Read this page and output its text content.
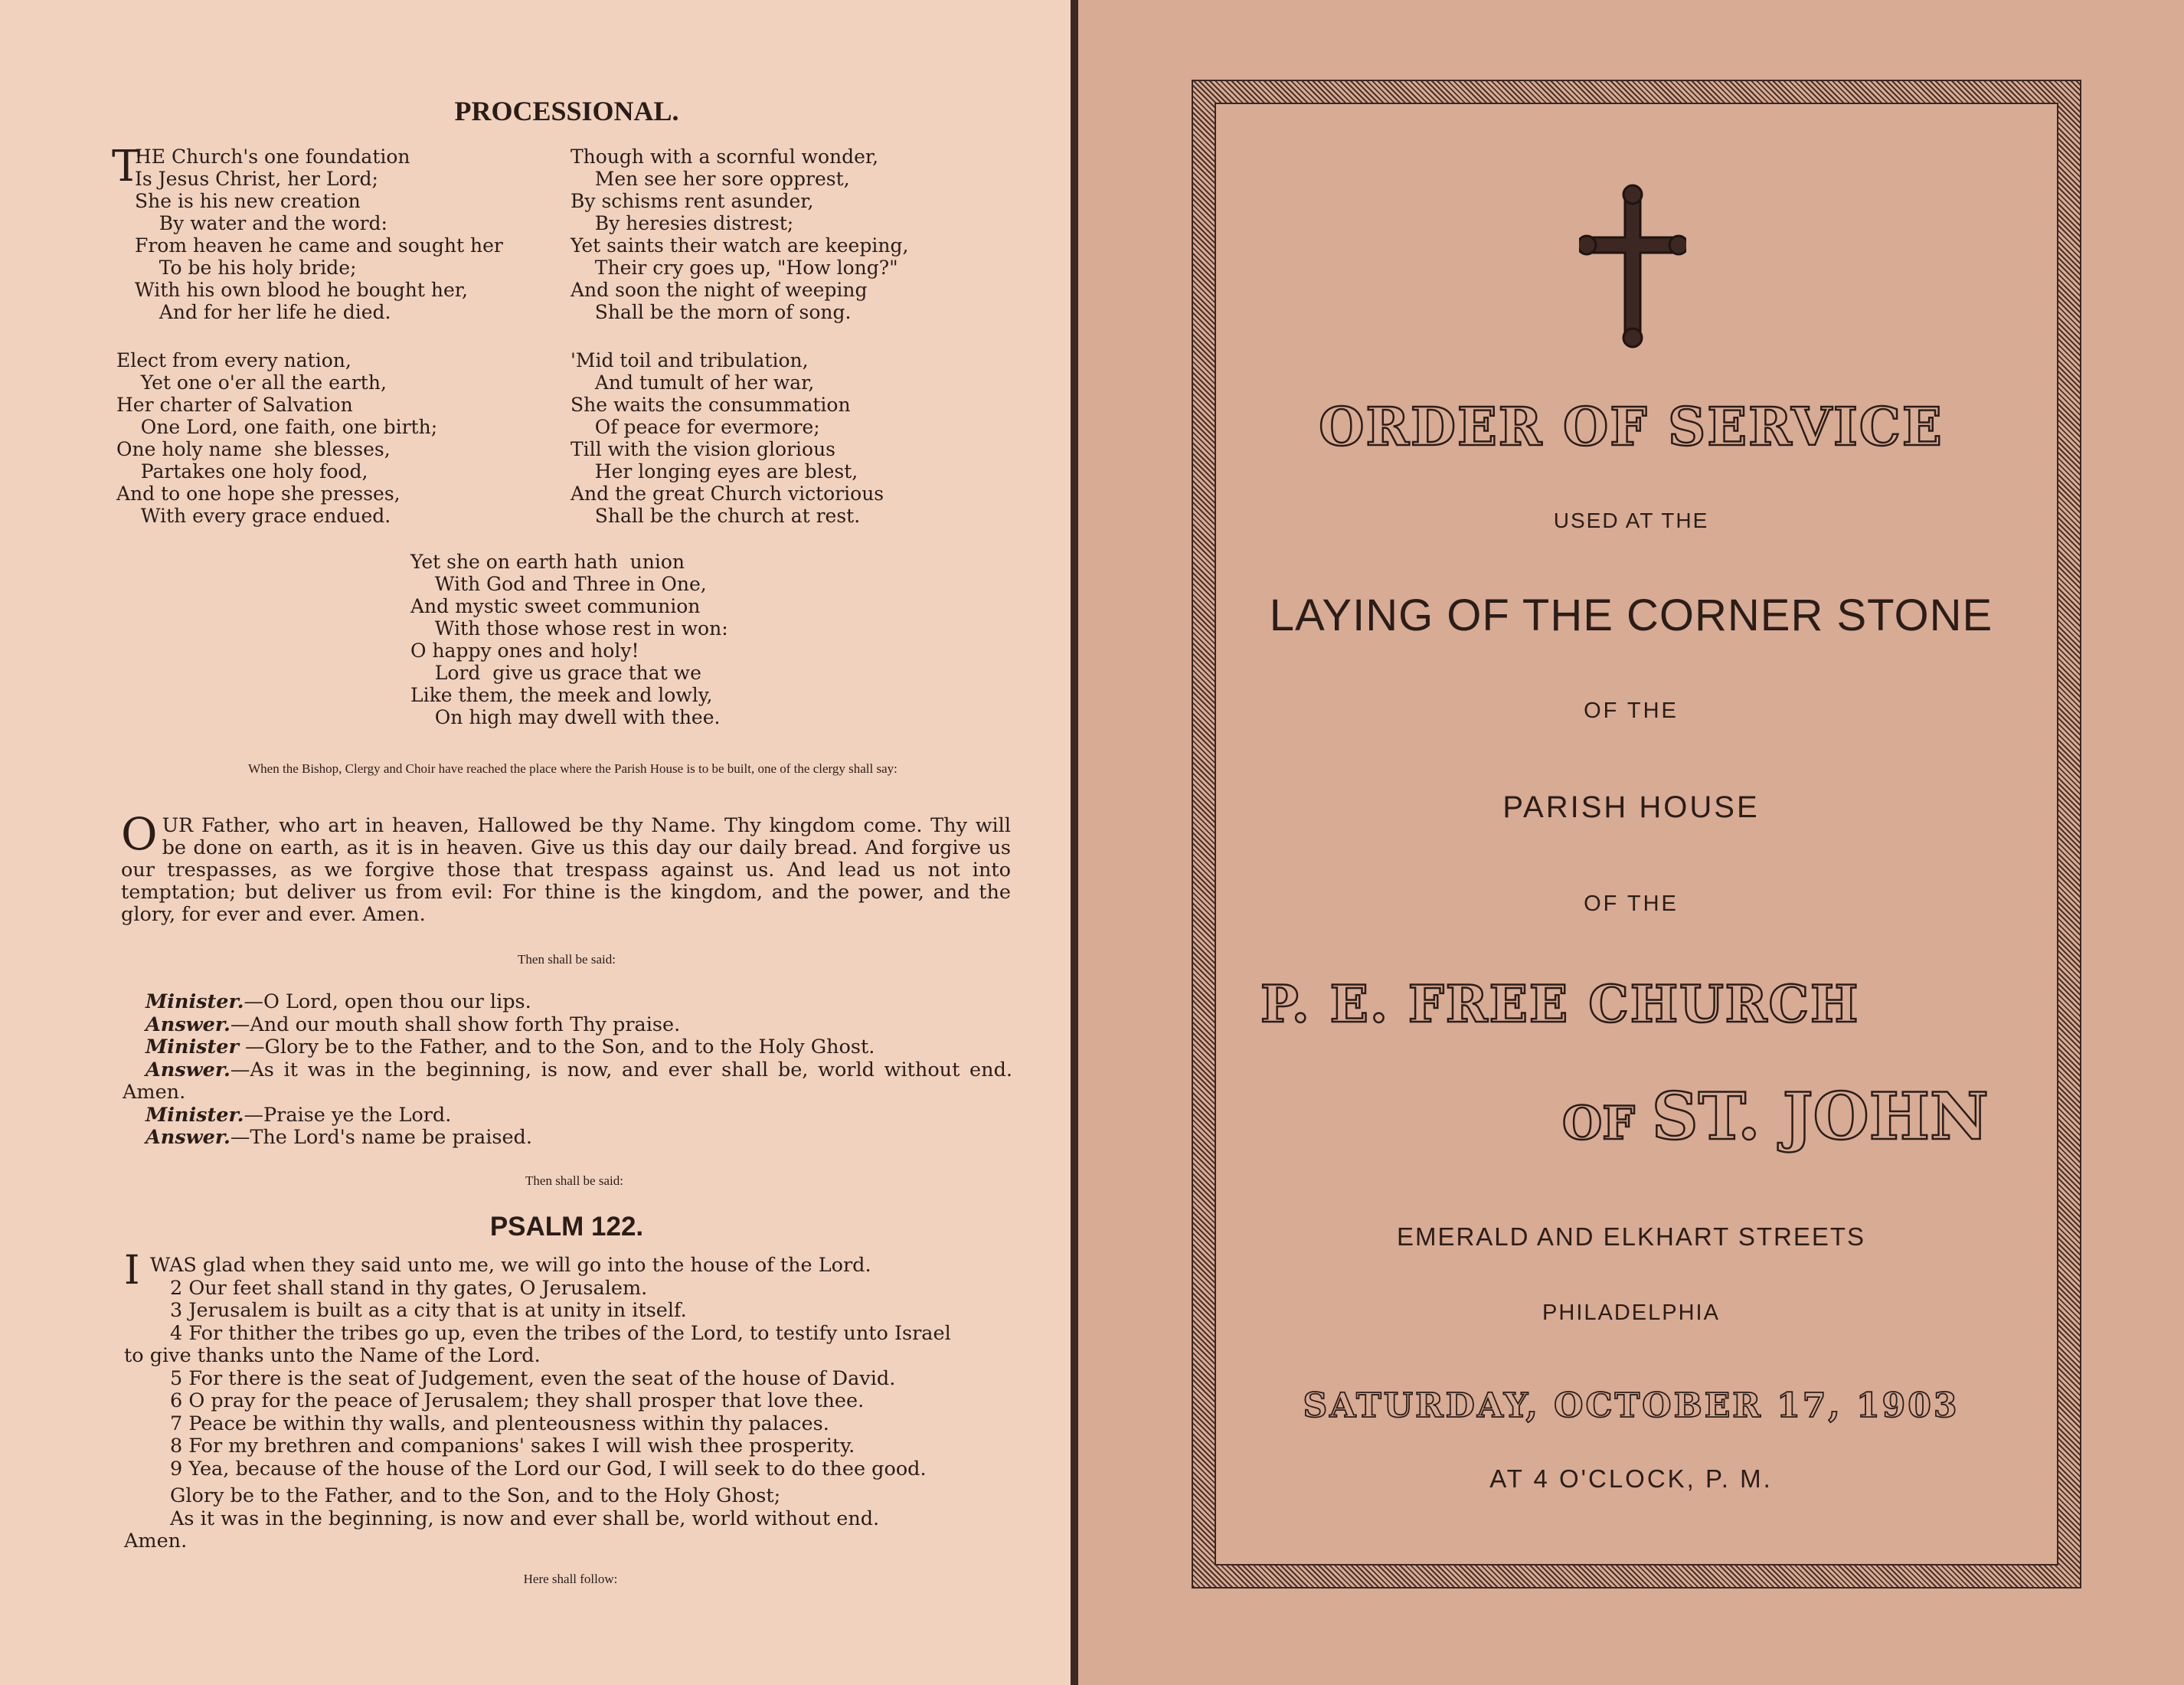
PROCESSIONAL.
T
HE Church's one foundation
Is Jesus Christ, her Lord;
She is his new creation
By water and the word:
From heaven he came and sought her
To be his holy bride;
With his own blood he bought her,
And for her life he died.
Elect from every nation,
Yet one o'er all the earth,
Her charter of Salvation
One Lord, one faith, one birth;
One holy name  she blesses,
Partakes one holy food,
And to one hope she presses,
With every grace endued.
Though with a scornful wonder,
Men see her sore opprest,
By schisms rent asunder,
By heresies distrest;
Yet saints their watch are keeping,
Their cry goes up, "How long?"
And soon the night of weeping
Shall be the morn of song.
'Mid toil and tribulation,
And tumult of her war,
She waits the consummation
Of peace for evermore;
Till with the vision glorious
Her longing eyes are blest,
And the great Church victorious
Shall be the church at rest.
Yet she on earth hath  union
With God and Three in One,
And mystic sweet communion
With those whose rest in won:
O happy ones and holy!
Lord  give us grace that we
Like them, the meek and lowly,
On high may dwell with thee.
When the Bishop, Clergy and Choir have reached the place where the Parish House is to be built, one of the clergy shall say:
OUR Father, who art in heaven, Hallowed be thy Name. Thy kingdom come. Thy will be done on earth, as it is in heaven. Give us this day our daily bread. And forgive us our trespasses, as we forgive those that trespass against us. And lead us not into temptation; but deliver us from evil: For thine is the kingdom, and the power, and the glory, for ever and ever. Amen.
Then shall be said:
Minister.—O Lord, open thou our lips.
Answer.—And our mouth shall show forth Thy praise.
Minister —Glory be to the Father, and to the Son, and to the Holy Ghost.
Answer.—As it was in the beginning, is now, and ever shall be, world without end. Amen.
Minister.—Praise ye the Lord.
Answer.—The Lord's name be praised.
Then shall be said:
PSALM 122.
I WAS glad when they said unto me, we will go into the house of the Lord.
2 Our feet shall stand in thy gates, O Jerusalem.
3 Jerusalem is built as a city that is at unity in itself.
4 For thither the tribes go up, even the tribes of the Lord, to testify unto Israel
to give thanks unto the Name of the Lord.
5 For there is the seat of Judgement, even the seat of the house of David.
6 O pray for the peace of Jerusalem; they shall prosper that love thee.
7 Peace be within thy walls, and plenteousness within thy palaces.
8 For my brethren and companions' sakes I will wish thee prosperity.
9 Yea, because of the house of the Lord our God, I will seek to do thee good.
Glory be to the Father, and to the Son, and to the Holy Ghost;
As it was in the beginning, is now and ever shall be, world without end.
Amen.
Here shall follow:
ORDER OF SERVICE
USED AT THE
LAYING OF THE CORNER STONE
OF THE
PARISH HOUSE
OF THE
P. E. FREE CHURCH
OF ST. JOHN
EMERALD AND ELKHART STREETS
PHILADELPHIA
SATURDAY, OCTOBER 17, 1903
AT 4 O'CLOCK, P. M.
